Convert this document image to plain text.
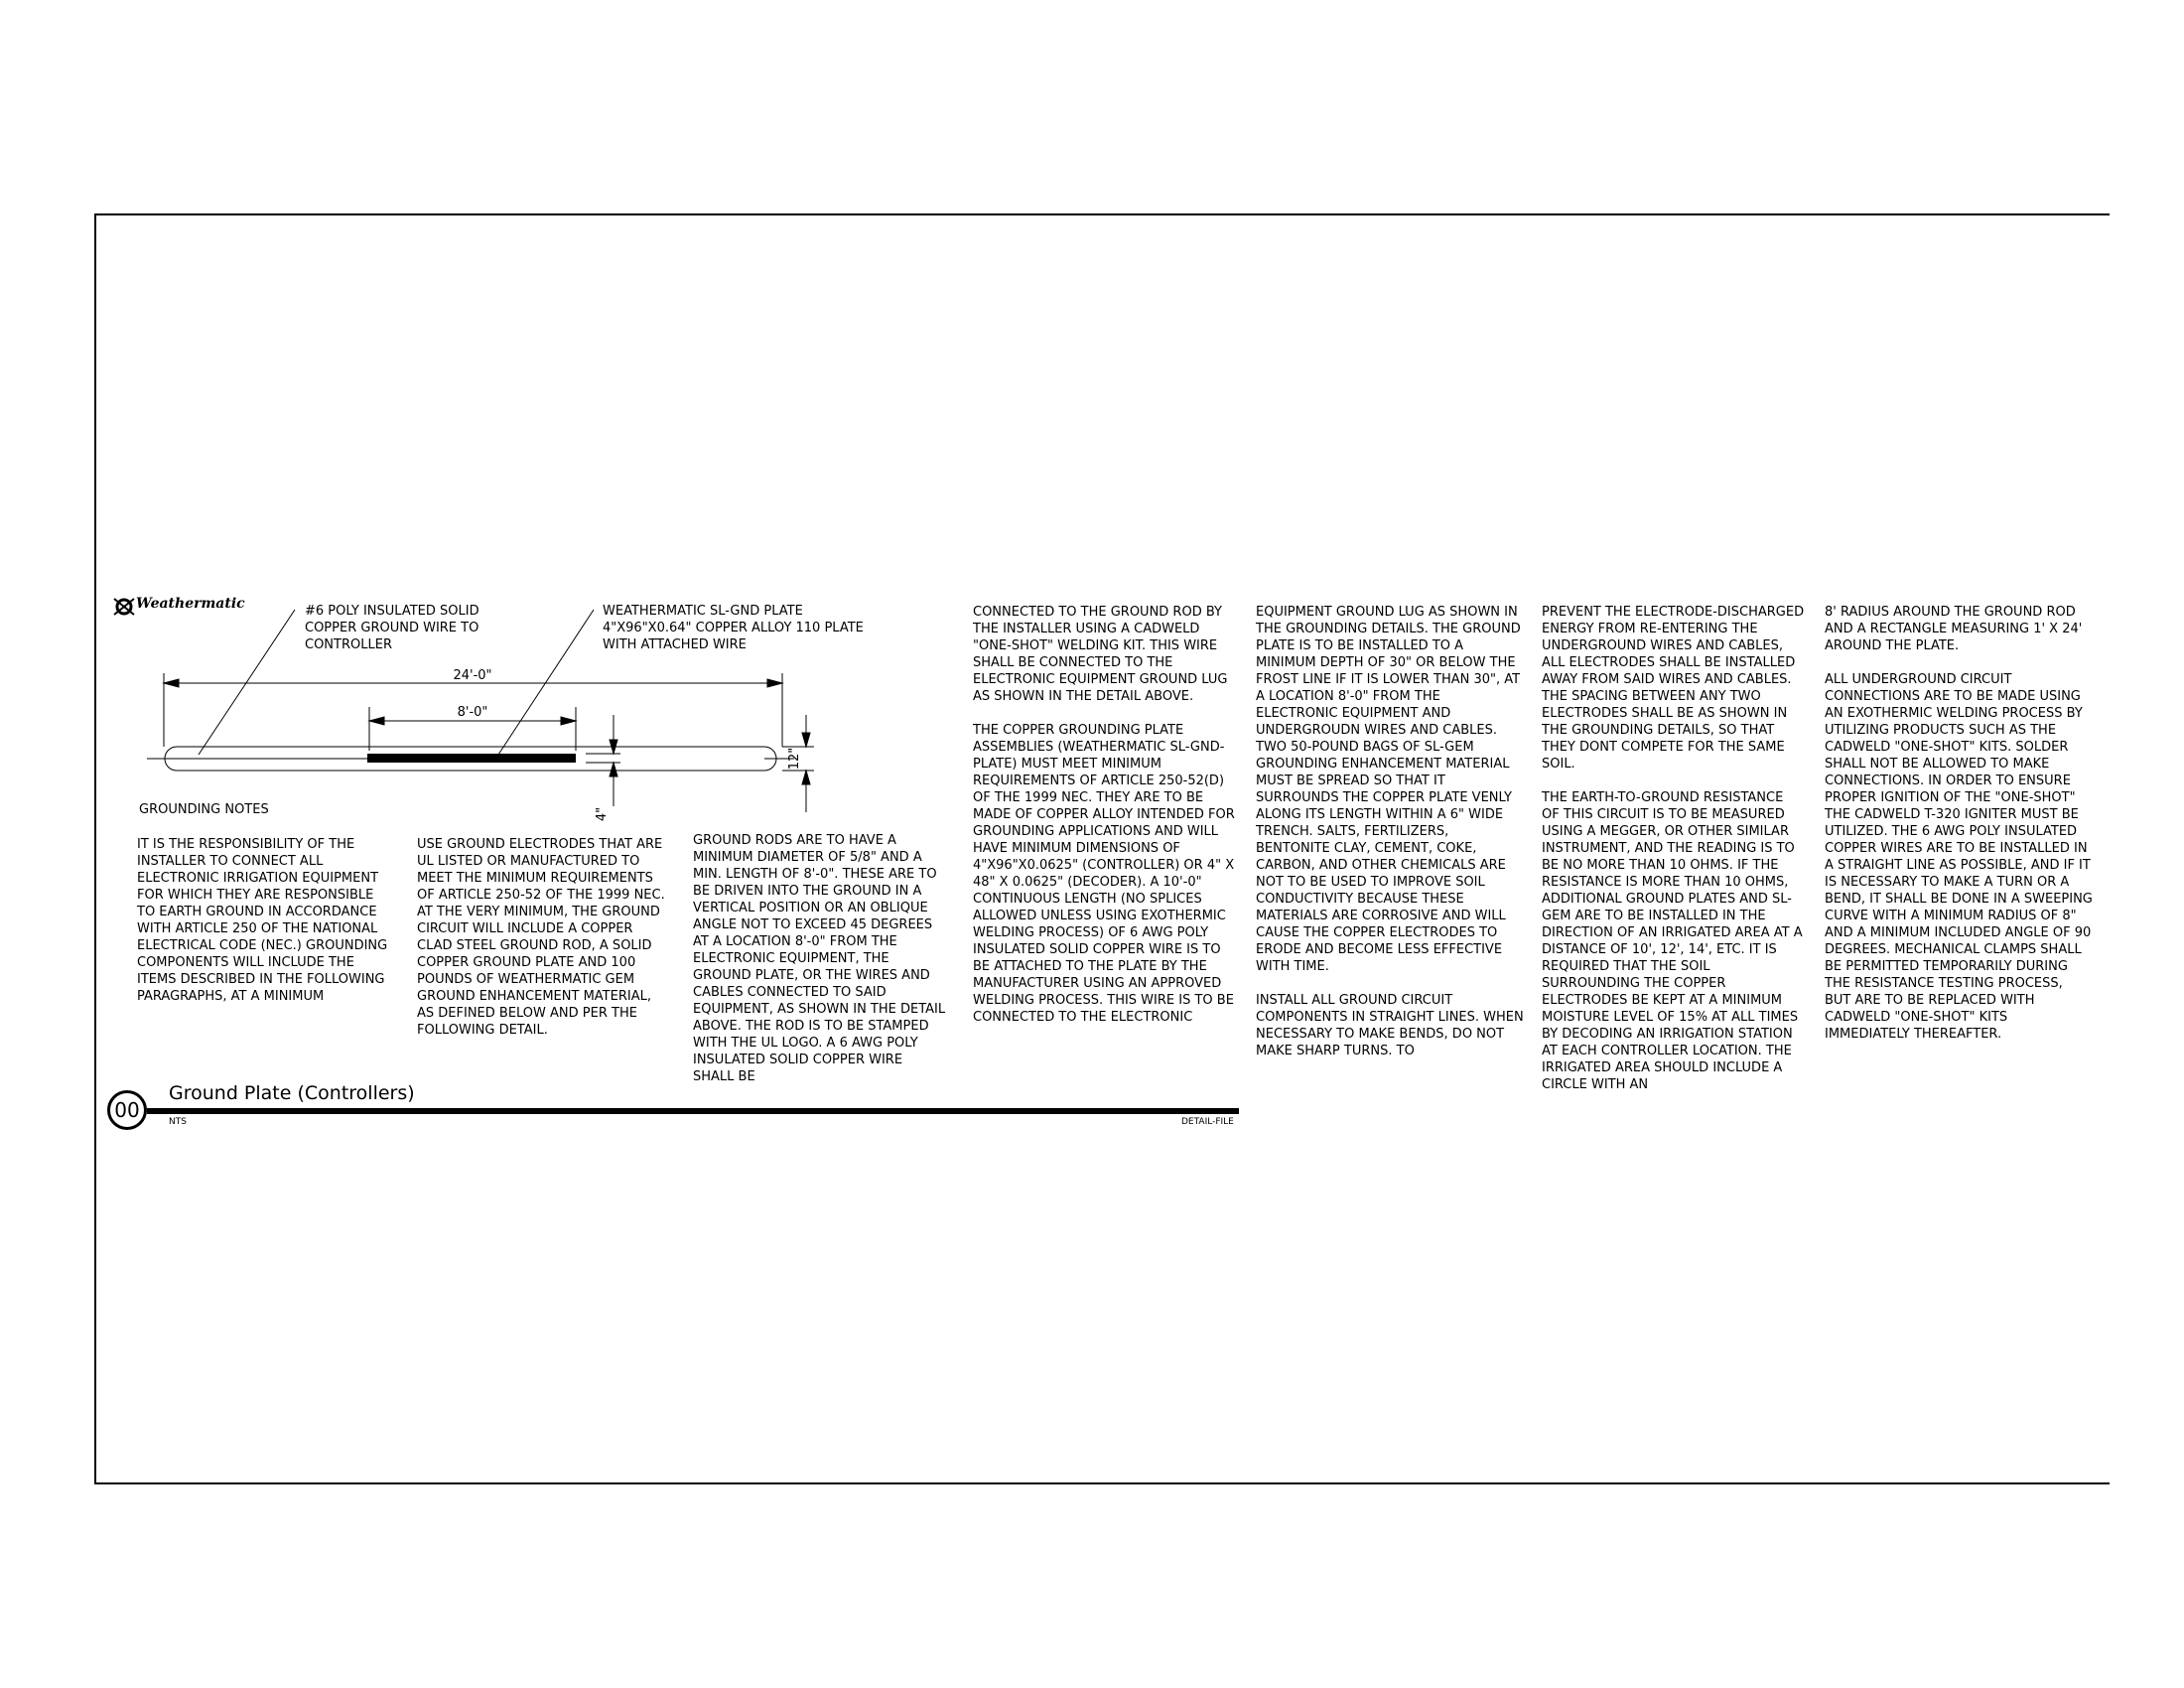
24'-0"
8'-0"
12"
4"
Weathermatic	#6 POLY INSULATED SOLID
COPPER GROUND WIRE TO
CONTROLLER
WEATHERMATIC SL-GND PLATE
4"X96"X0.64" COPPER ALLOY 110 PLATE
WITH ATTACHED WIRE
GROUNDING NOTES

IT IS THE RESPONSIBILITY OF THE INSTALLER TO CONNECT ALL ELECTRONIC IRRIGATION EQUIPMENT FOR WHICH THEY ARE RESPONSIBLE TO EARTH GROUND IN ACCORDANCE WITH ARTICLE 250 OF THE NATIONAL ELECTRICAL CODE (NEC.) GROUNDING COMPONENTS WILL INCLUDE THE ITEMS DESCRIBED IN THE FOLLOWING PARAGRAPHS, AT A MINIMUM

USE GROUND ELECTRODES THAT ARE UL LISTED OR MANUFACTURED TO MEET THE MINIMUM REQUIREMENTS OF ARTICLE 250-52 OF THE 1999 NEC. AT THE VERY MINIMUM, THE GROUND CIRCUIT WILL INCLUDE A COPPER CLAD STEEL GROUND ROD, A SOLID COPPER GROUND PLATE AND 100 POUNDS OF WEATHERMATIC GEM GROUND ENHANCEMENT MATERIAL, AS DEFINED BELOW AND PER THE FOLLOWING DETAIL.

GROUND RODS ARE TO HAVE A MINIMUM DIAMETER OF 5/8" AND A MIN. LENGTH OF 8'-0". THESE ARE TO BE DRIVEN INTO THE GROUND IN A VERTICAL POSITION OR AN OBLIQUE ANGLE NOT TO EXCEED 45 DEGREES AT A LOCATION 8'-0" FROM THE ELECTRONIC EQUIPMENT, THE GROUND PLATE, OR THE WIRES AND CABLES CONNECTED TO SAID EQUIPMENT, AS SHOWN IN THE DETAIL ABOVE. THE ROD IS TO BE STAMPED WITH THE UL LOGO. A 6 AWG POLY INSULATED SOLID COPPER WIRE SHALL BE

CONNECTED TO THE GROUND ROD BY THE INSTALLER USING A CADWELD "ONE-SHOT" WELDING KIT. THIS WIRE SHALL BE CONNECTED TO THE ELECTRONIC EQUIPMENT GROUND LUG AS SHOWN IN THE DETAIL ABOVE.

THE COPPER GROUNDING PLATE ASSEMBLIES (WEATHERMATIC SL-GND-PLATE) MUST MEET MINIMUM REQUIREMENTS OF ARTICLE 250-52(D) OF THE 1999 NEC. THEY ARE TO BE MADE OF COPPER ALLOY INTENDED FOR GROUNDING APPLICATIONS AND WILL HAVE MINIMUM DIMENSIONS OF 4"X96"X0.0625" (CONTROLLER) OR 4" X 48" X 0.0625" (DECODER). A 10'-0" CONTINUOUS LENGTH (NO SPLICES ALLOWED UNLESS USING EXOTHERMIC WELDING PROCESS) OF 6 AWG POLY INSULATED SOLID COPPER WIRE IS TO BE ATTACHED TO THE PLATE BY THE MANUFACTURER USING AN APPROVED WELDING PROCESS. THIS WIRE IS TO BE CONNECTED TO THE ELECTRONIC

EQUIPMENT GROUND LUG AS SHOWN IN THE GROUNDING DETAILS. THE GROUND PLATE IS TO BE INSTALLED TO A MINIMUM DEPTH OF 30" OR BELOW THE FROST LINE IF IT IS LOWER THAN 30", AT A LOCATION 8'-0" FROM THE ELECTRONIC EQUIPMENT AND UNDERGROUDN WIRES AND CABLES. TWO 50-POUND BAGS OF SL-GEM GROUNDING ENHANCEMENT MATERIAL MUST BE SPREAD SO THAT IT SURROUNDS THE COPPER PLATE VENLY ALONG ITS LENGTH WITHIN A 6" WIDE TRENCH. SALTS, FERTILIZERS, BENTONITE CLAY, CEMENT, COKE, CARBON, AND OTHER CHEMICALS ARE NOT TO BE USED TO IMPROVE SOIL CONDUCTIVITY BECAUSE THESE MATERIALS ARE CORROSIVE AND WILL CAUSE THE COPPER ELECTRODES TO ERODE AND BECOME LESS EFFECTIVE WITH TIME.

INSTALL ALL GROUND CIRCUIT COMPONENTS IN STRAIGHT LINES. WHEN NECESSARY TO MAKE BENDS, DO NOT MAKE SHARP TURNS. TO

PREVENT THE ELECTRODE-DISCHARGED ENERGY FROM RE-ENTERING THE UNDERGROUND WIRES AND CABLES, ALL ELECTRODES SHALL BE INSTALLED AWAY FROM SAID WIRES AND CABLES. THE SPACING BETWEEN ANY TWO ELECTRODES SHALL BE AS SHOWN IN THE GROUNDING DETAILS, SO THAT THEY DONT COMPETE FOR THE SAME SOIL.

THE EARTH-TO-GROUND RESISTANCE OF THIS CIRCUIT IS TO BE MEASURED USING A MEGGER, OR OTHER SIMILAR INSTRUMENT, AND THE READING IS TO BE NO MORE THAN 10 OHMS. IF THE RESISTANCE IS MORE THAN 10 OHMS, ADDITIONAL GROUND PLATES AND SL-GEM ARE TO BE INSTALLED IN THE DIRECTION OF AN IRRIGATED AREA AT A DISTANCE OF 10', 12', 14', ETC. IT IS REQUIRED THAT THE SOIL SURROUNDING THE COPPER ELECTRODES BE KEPT AT A MINIMUM MOISTURE LEVEL OF 15% AT ALL TIMES BY DECODING AN IRRIGATION STATION AT EACH CONTROLLER LOCATION. THE IRRIGATED AREA SHOULD INCLUDE A CIRCLE WITH AN

8' RADIUS AROUND THE GROUND ROD AND A RECTANGLE MEASURING 1' X 24' AROUND THE PLATE.

ALL UNDERGROUND CIRCUIT CONNECTIONS ARE TO BE MADE USING AN EXOTHERMIC WELDING PROCESS BY UTILIZING PRODUCTS SUCH AS THE CADWELD "ONE-SHOT" KITS. SOLDER SHALL NOT BE ALLOWED TO MAKE CONNECTIONS. IN ORDER TO ENSURE PROPER IGNITION OF THE "ONE-SHOT" THE CADWELD T-320 IGNITER MUST BE UTILIZED. THE 6 AWG POLY INSULATED COPPER WIRES ARE TO BE INSTALLED IN A STRAIGHT LINE AS POSSIBLE, AND IF IT IS NECESSARY TO MAKE A TURN OR A BEND, IT SHALL BE DONE IN A SWEEPING CURVE WITH A MINIMUM RADIUS OF 8" AND A MINIMUM INCLUDED ANGLE OF 90 DEGREES. MECHANICAL CLAMPS SHALL BE PERMITTED TEMPORARILY DURING THE RESISTANCE TESTING PROCESS, BUT ARE TO BE REPLACED WITH CADWELD "ONE-SHOT" KITS IMMEDIATELY THEREAFTER.

00
Ground Plate (Controllers)
NTS	DETAIL-FILE
